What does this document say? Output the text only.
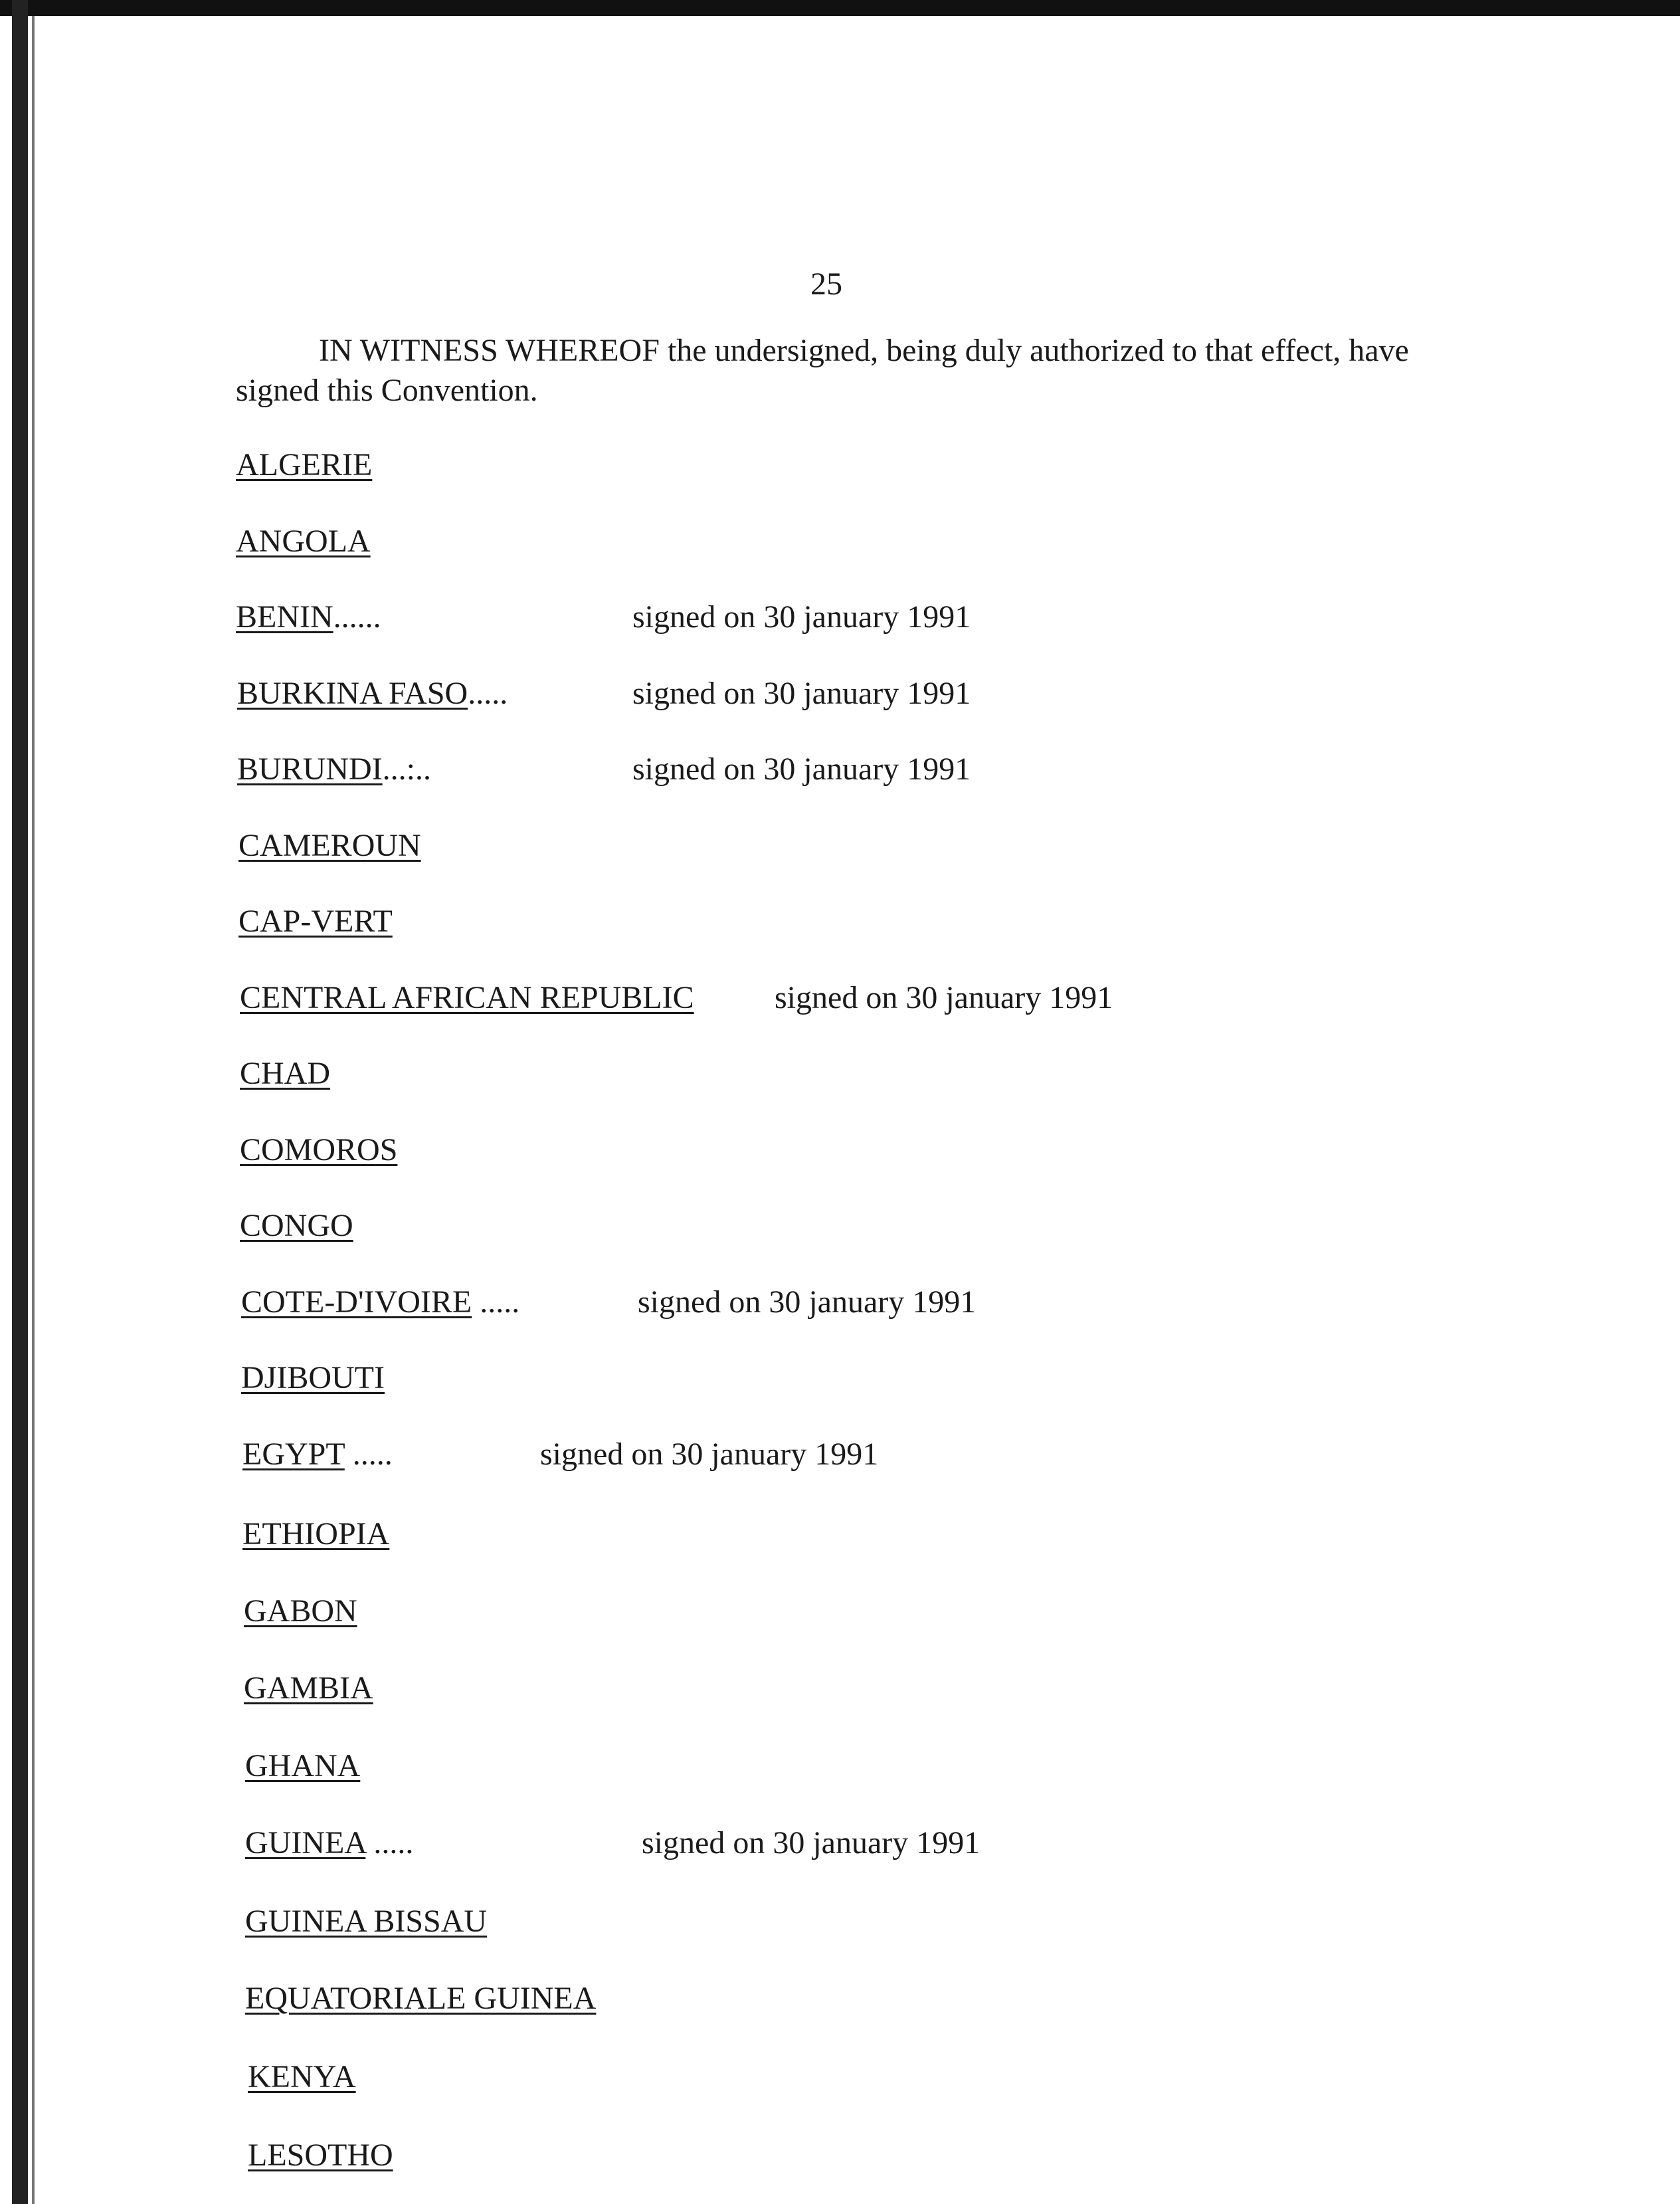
25
IN WITNESS WHEREOF the undersigned, being duly authorized to that effect, have signed this Convention.
ALGERIE
ANGOLA
BENIN......	signed on 30 january 1991
BURKINA FASO.....	signed on 30 january 1991
BURUNDI...:..	signed on 30 january 1991
CAMEROUN
CAP-VERT
CENTRAL AFRICAN REPUBLIC	signed on 30 january 1991
CHAD
COMOROS
CONGO
COTE-D'IVOIRE .....	signed on 30 january 1991
DJIBOUTI
EGYPT .....	signed on 30 january 1991
ETHIOPIA
GABON
GAMBIA
GHANA
GUINEA .....	signed on 30 january 1991
GUINEA BISSAU
EQUATORIALE GUINEA
KENYA
LESOTHO
